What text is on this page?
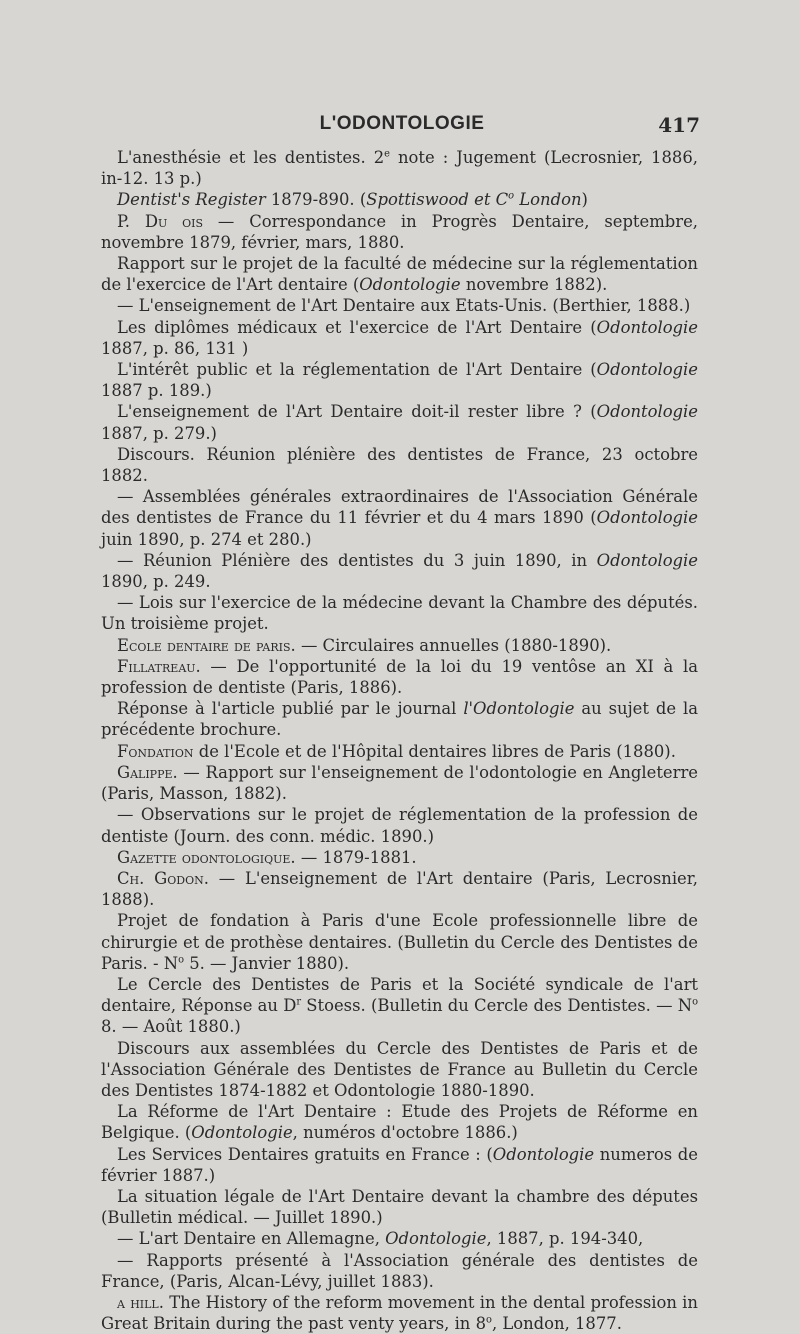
L'ODONTOLOGIE	417
L'anesthésie et les dentistes. 2e note : Jugement (Lecrosnier, 1886, in-12. 13 p.)
Dentist's Register 1879-890. (Spottiswood et $C^o$ London)
P. Du ois — Correspondance in Progrès Dentaire, septembre, novembre 1879, février, mars, 1880.
Rapport sur le projet de la faculté de médecine sur la réglementation de l'exercice de l'Art dentaire (Odontologie novembre 1882).
— L'enseignement de l'Art Dentaire aux Etats-Unis. (Berthier, 1888.)
Les diplômes médicaux et l'exercice de l'Art Dentaire (Odontologie 1887, p. 86, 131 )
L'intérêt public et la réglementation de l'Art Dentaire (Odontologie 1887 p. 189.)
L'enseignement de l'Art Dentaire doit-il rester libre ? (Odontologie 1887, p. 279.)
Discours. Réunion plénière des dentistes de France, 23 octobre 1882.
— Assemblées générales extraordinaires de l'Association Générale des dentistes de France du 11 février et du 4 mars 1890 (Odontologie juin 1890, p. 274 et 280.)
— Réunion Plénière des dentistes du 3 juin 1890, in Odontologie 1890, p. 249.
— Lois sur l'exercice de la médecine devant la Chambre des députés. Un troisième projet.
Ecole dentaire de paris. — Circulaires annuelles (1880-1890).
Fillatreau. — De l'opportunité de la loi du 19 ventôse an XI à la profession de dentiste (Paris, 1886).
Réponse à l'article publié par le journal l'Odontologie au sujet de la précédente brochure.
Fondation de l'Ecole et de l'Hôpital dentaires libres de Paris (1880).
Galippe. — Rapport sur l'enseignement de l'odontologie en Angleterre (Paris, Masson, 1882).
— Observations sur le projet de réglementation de la profession de dentiste (Journ. des conn. médic. 1890.)
Gazette odontologique. — 1879-1881.
Ch. Godon. — L'enseignement de l'Art dentaire (Paris, Lecrosnier, 1888).
Projet de fondation à Paris d'une Ecole professionnelle libre de chirurgie et de prothèse dentaires. (Bulletin du Cercle des Dentistes de Paris. - $N^o$ 5. — Janvier 1880).
Le Cercle des Dentistes de Paris et la Société syndicale de l'art dentaire, Réponse au $D^r$ Stoess. (Bulletin du Cercle des Dentistes. — $N^o$ 8. — Août 1880.)
Discours aux assemblées du Cercle des Dentistes de Paris et de l'Association Générale des Dentistes de France au Bulletin du Cercle des Dentistes 1874-1882 et Odontologie 1880-1890.
La Réforme de l'Art Dentaire : Etude des Projets de Réforme en Belgique. (Odontologie, numéros d'octobre 1886.)
Les Services Dentaires gratuits en France : (Odontologie numeros de février 1887.)
La situation légale de l'Art Dentaire devant la chambre des députes (Bulletin médical. — Juillet 1890.)
— L'art Dentaire en Allemagne, Odontologie, 1887, p. 194-340,
— Rapports présenté à l'Association générale des dentistes de France, (Paris, Alcan-Lévy, juillet 1883).
a hill. The History of the reform movement in the dental profession in Great Britain during the past venty years, in 8$^o$, London, 1877.
